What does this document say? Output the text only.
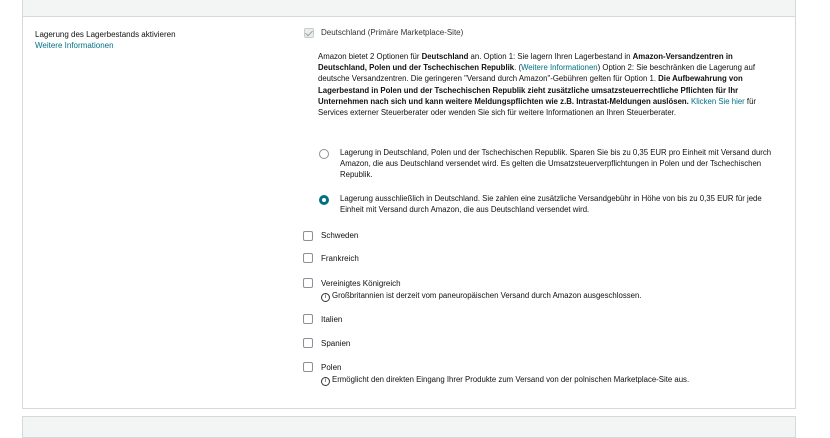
Lagerung des Lagerbestands aktivieren
Weitere Informationen
Deutschland (Primäre Marketplace-Site)
Amazon bietet 2 Optionen für Deutschland an. Option 1: Sie lagern Ihren Lagerbestand in Amazon-Versandzentren in Deutschland, Polen und der Tschechischen Republik. (Weitere Informationen) Option 2: Sie beschränken die Lagerung auf deutsche Versandzentren. Die geringeren "Versand durch Amazon"-Gebühren gelten für Option 1. Die Aufbewahrung von Lagerbestand in Polen und der Tschechischen Republik zieht zusätzliche umsatzsteuerrechtliche Pflichten für Ihr Unternehmen nach sich und kann weitere Meldungspflichten wie z.B. Intrastat-Meldungen auslösen. Klicken Sie hier für Services externer Steuerberater oder wenden Sie sich für weitere Informationen an Ihren Steuerberater.
Lagerung in Deutschland, Polen und der Tschechischen Republik. Sparen Sie bis zu 0,35 EUR pro Einheit mit Versand durch Amazon, die aus Deutschland versendet wird. Es gelten die Umsatzsteuerverpflichtungen in Polen und der Tschechischen Republik.
Lagerung ausschließlich in Deutschland. Sie zahlen eine zusätzliche Versandgebühr in Höhe von bis zu 0,35 EUR für jede Einheit mit Versand durch Amazon, die aus Deutschland versendet wird.
Schweden
Frankreich
Vereinigtes Königreich
i Großbritannien ist derzeit vom paneuropäischen Versand durch Amazon ausgeschlossen.
Italien
Spanien
Polen
i Ermöglicht den direkten Eingang Ihrer Produkte zum Versand von der polnischen Marketplace-Site aus.
